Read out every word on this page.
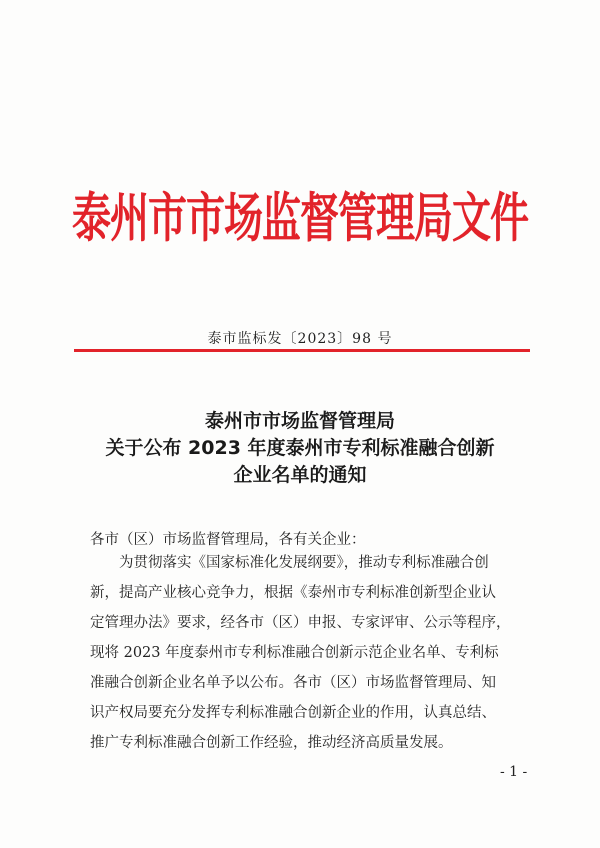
泰州市市场监督管理局文件
泰市监标发〔2023〕98 号
泰州市市场监督管理局
关于公布 2023 年度泰州市专利标准融合创新
企业名单的通知
各市（区）市场监督管理局，各有关企业：
为贯彻落实《国家标准化发展纲要》，推动专利标准融合创
新，提高产业核心竞争力，根据《泰州市专利标准创新型企业认
定管理办法》要求，经各市（区）申报、专家评审、公示等程序，
现将 2023 年度泰州市专利标准融合创新示范企业名单、专利标
准融合创新企业名单予以公布。各市（区）市场监督管理局、知
识产权局要充分发挥专利标准融合创新企业的作用，认真总结、
推广专利标准融合创新工作经验，推动经济高质量发展。
- 1 -
